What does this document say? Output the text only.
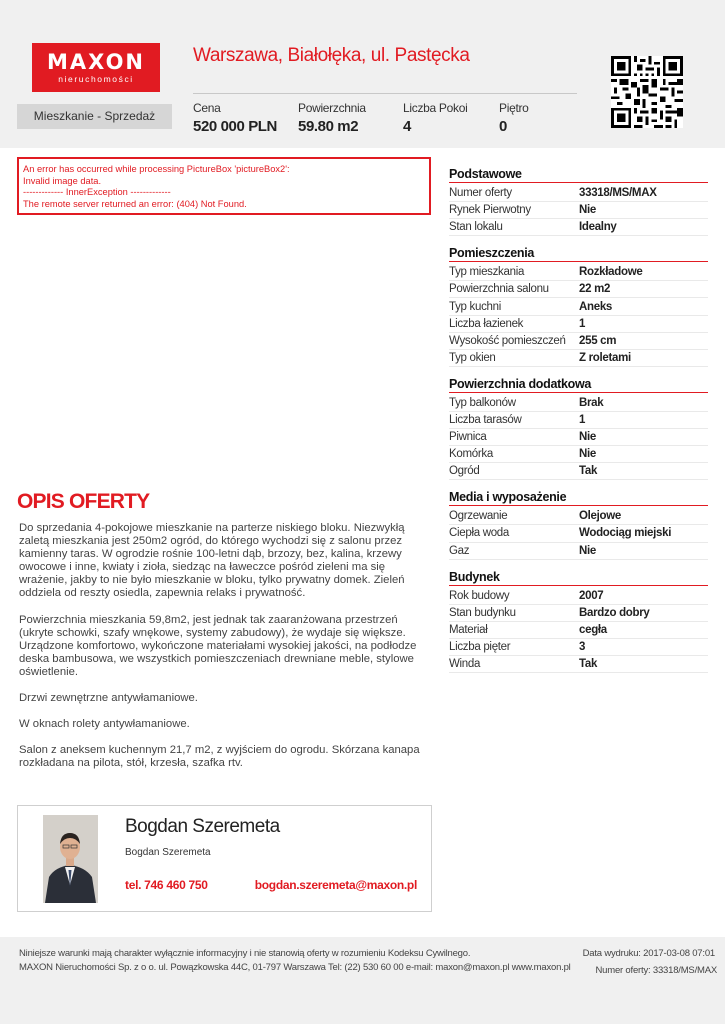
MAXON
nieruchomości
Mieszkanie - Sprzedaż
Warszawa, Białołęka, ul. Pastęcka
Cena
520 000 PLN
Powierzchnia
59.80 m2
Liczba Pokoi
4
Piętro
0
An error has occurred while processing PictureBox 'pictureBox2':
Invalid image data.
------------- InnerException -------------
The remote server returned an error: (404) Not Found.
Podstawowe
Numer oferty	33318/MS/MAX
Rynek Pierwotny	Nie
Stan lokalu	Idealny
Pomieszczenia
Typ mieszkania	Rozkładowe
Powierzchnia salonu	22 m2
Typ kuchni	Aneks
Liczba łazienek	1
Wysokość pomieszczeń	255 cm
Typ okien	Z roletami
Powierzchnia dodatkowa
Typ balkonów	Brak
Liczba tarasów	1
Piwnica	Nie
Komórka	Nie
Ogród	Tak
Media i wyposażenie
Ogrzewanie	Olejowe
Ciepła woda	Wodociąg miejski
Gaz	Nie
Budynek
Rok budowy	2007
Stan budynku	Bardzo dobry
Materiał	cegła
Liczba pięter	3
Winda	Tak
OPIS OFERTY

Do sprzedania 4-pokojowe mieszkanie na parterze niskiego bloku. Niezwykłą zaletą mieszkania jest 250m2 ogród, do którego wychodzi się z salonu przez kamienny taras. W ogrodzie rośnie 100-letni dąb, brzozy, bez, kalina, krzewy owocowe i inne, kwiaty i zioła, siedząc na ławeczce pośród zieleni ma się wrażenie, jakby to nie było mieszkanie w bloku, tylko prywatny domek. Zieleń oddziela od reszty osiedla, zapewnia relaks i prywatność.

Powierzchnia mieszkania 59,8m2, jest jednak tak zaaranżowana przestrzeń (ukryte schowki, szafy wnękowe, systemy zabudowy), że wydaje się większe. Urządzone komfortowo, wykończone materiałami wysokiej jakości, na podłodze deska bambusowa, we wszystkich pomieszczeniach drewniane meble, stylowe oświetlenie.

Drzwi zewnętrzne antywłamaniowe.

W oknach rolety antywłamaniowe.

Salon z aneksem kuchennym 21,7 m2, z wyjściem do ogrodu. Skórzana kanapa rozkładana na pilota, stół, krzesła, szafka rtv.

Bogdan Szeremeta
Bogdan Szeremeta
tel. 746 460 750	bogdan.szeremeta@maxon.pl
Niniejsze warunki mają charakter wyłącznie informacyjny i nie stanowią oferty w rozumieniu Kodeksu Cywilnego.
MAXON Nieruchomości Sp. z o o. ul. Powązkowska 44C, 01-797 Warszawa Tel: (22) 530 60 00 e-mail: maxon@maxon.pl www.maxon.pl
Data wydruku: 2017-03-08 07:01
Numer oferty: 33318/MS/MAX
